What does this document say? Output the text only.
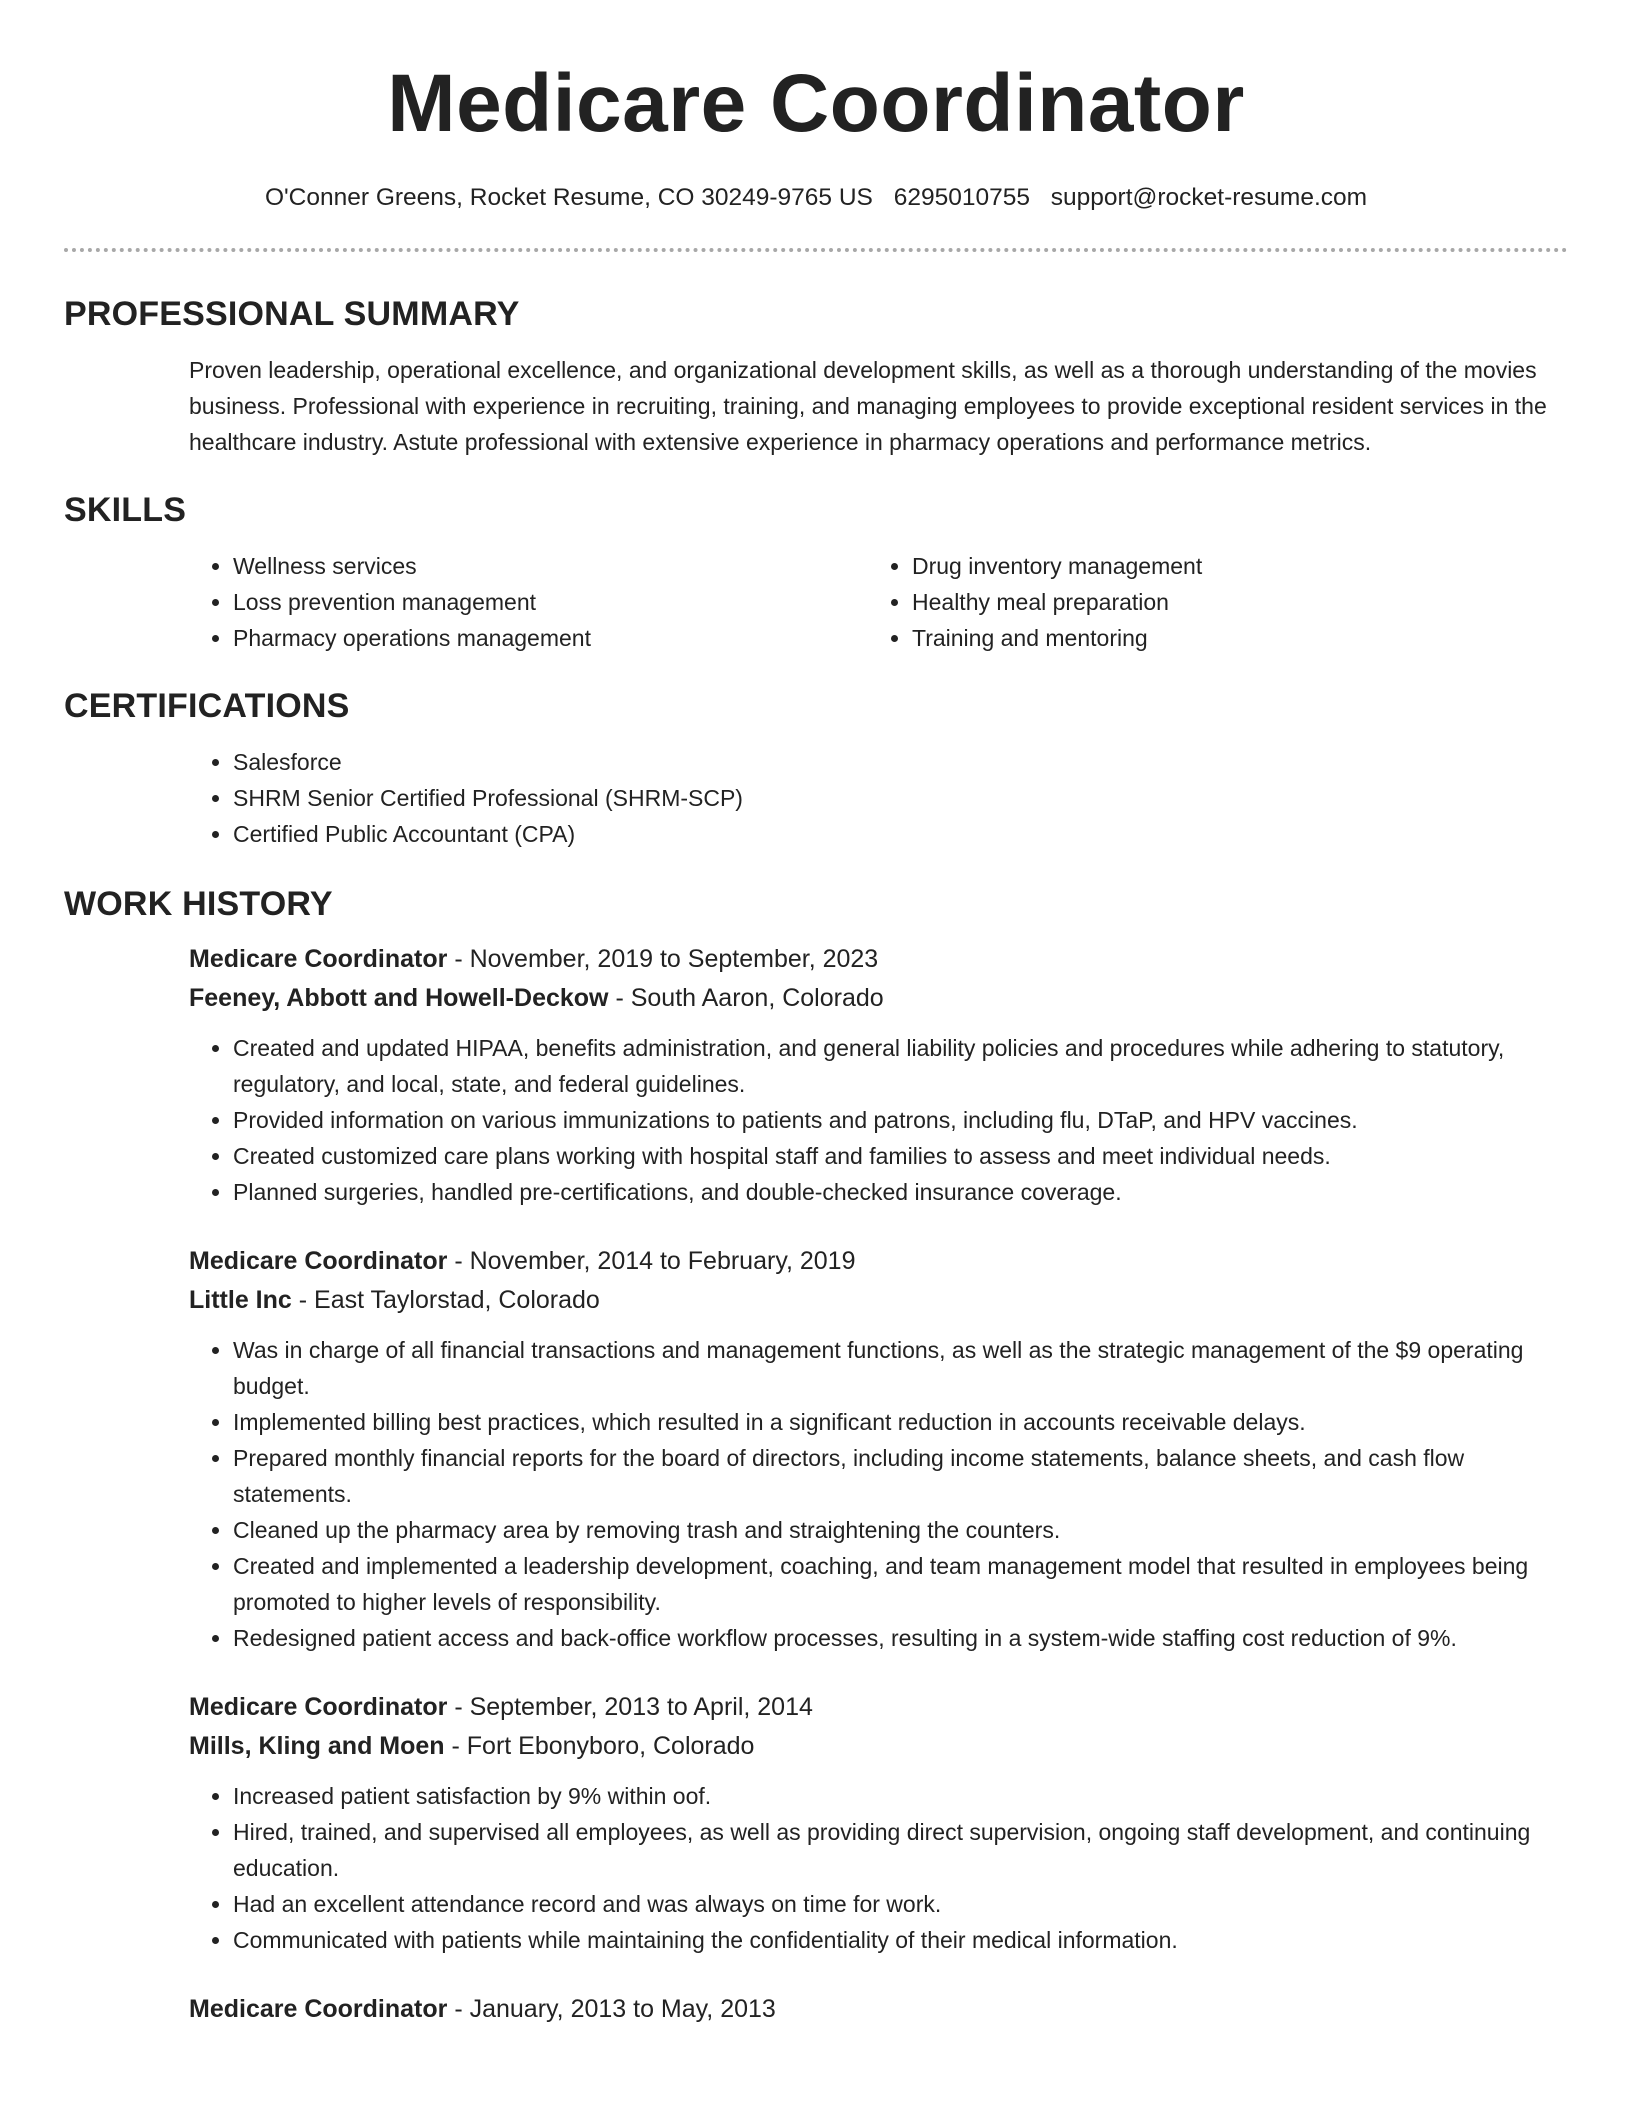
Medicare Coordinator
O'Conner Greens, Rocket Resume, CO 30249-9765 US 6295010755 support@rocket-resume.com
PROFESSIONAL SUMMARY

Proven leadership, operational excellence, and organizational development skills, as well as a thorough understanding of the movies business. Professional with experience in recruiting, training, and managing employees to provide exceptional resident services in the healthcare industry. Astute professional with extensive experience in pharmacy operations and performance metrics.

SKILLS
• Wellness services
• Loss prevention management
• Pharmacy operations management
• Drug inventory management
• Healthy meal preparation
• Training and mentoring
CERTIFICATIONS
• Salesforce
• SHRM Senior Certified Professional (SHRM-SCP)
• Certified Public Accountant (CPA)
WORK HISTORY
Medicare Coordinator - November, 2019 to September, 2023
Feeney, Abbott and Howell-Deckow - South Aaron, Colorado
• Created and updated HIPAA, benefits administration, and general liability policies and procedures while adhering to statutory, regulatory, and local, state, and federal guidelines.
• Provided information on various immunizations to patients and patrons, including flu, DTaP, and HPV vaccines.
• Created customized care plans working with hospital staff and families to assess and meet individual needs.
• Planned surgeries, handled pre-certifications, and double-checked insurance coverage.
Medicare Coordinator - November, 2014 to February, 2019
Little Inc - East Taylorstad, Colorado
• Was in charge of all financial transactions and management functions, as well as the strategic management of the $9 operating budget.
• Implemented billing best practices, which resulted in a significant reduction in accounts receivable delays.
• Prepared monthly financial reports for the board of directors, including income statements, balance sheets, and cash flow statements.
• Cleaned up the pharmacy area by removing trash and straightening the counters.
• Created and implemented a leadership development, coaching, and team management model that resulted in employees being promoted to higher levels of responsibility.
• Redesigned patient access and back-office workflow processes, resulting in a system-wide staffing cost reduction of 9%.
Medicare Coordinator - September, 2013 to April, 2014
Mills, Kling and Moen - Fort Ebonyboro, Colorado
• Increased patient satisfaction by 9% within oof.
• Hired, trained, and supervised all employees, as well as providing direct supervision, ongoing staff development, and continuing education.
• Had an excellent attendance record and was always on time for work.
• Communicated with patients while maintaining the confidentiality of their medical information.
Medicare Coordinator - January, 2013 to May, 2013
